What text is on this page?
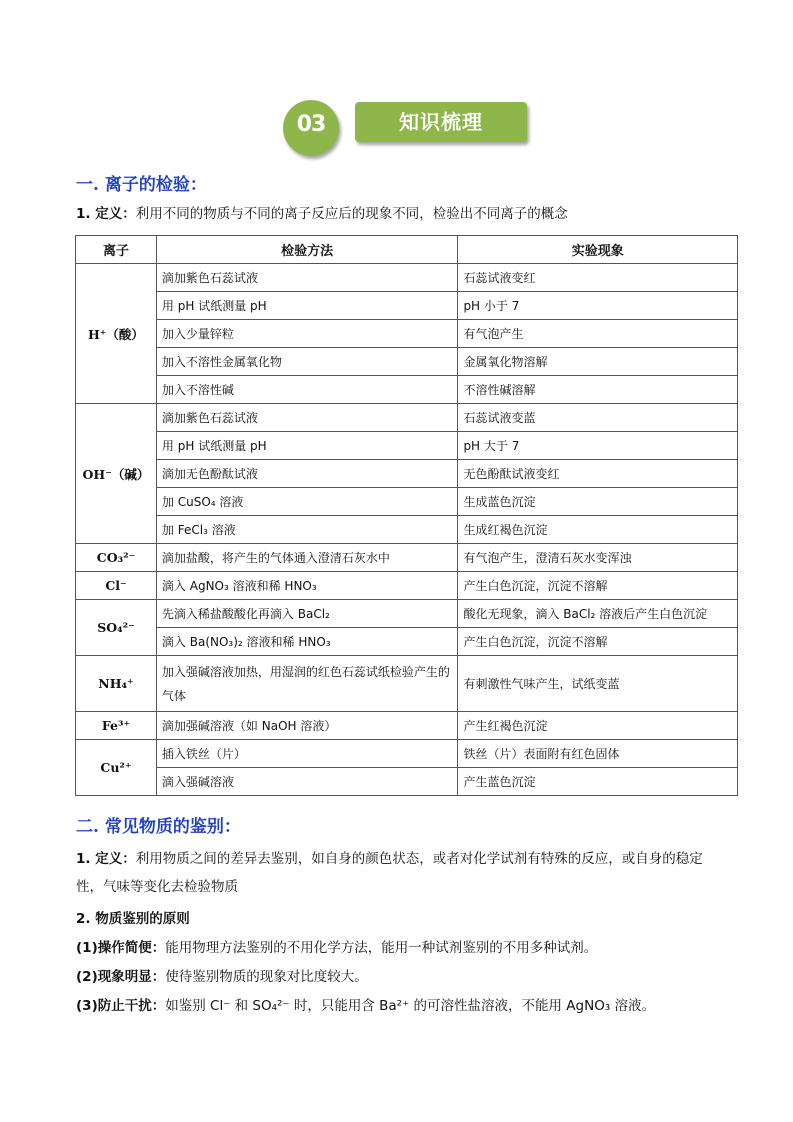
03	知识梳理
一. 离子的检验：
1. 定义：利用不同的物质与不同的离子反应后的现象不同，检验出不同离子的概念
离子	检验方法	实验现象
H⁺（酸）	滴加紫色石蕊试液	石蕊试液变红
	用 pH 试纸测量 pH	pH 小于 7
	加入少量锌粒	有气泡产生
	加入不溶性金属氧化物	金属氧化物溶解
	加入不溶性碱	不溶性碱溶解
OH⁻（碱）	滴加紫色石蕊试液	石蕊试液变蓝
	用 pH 试纸测量 pH	pH 大于 7
	滴加无色酚酞试液	无色酚酞试液变红
	加 CuSO₄ 溶液	生成蓝色沉淀
	加 FeCl₃ 溶液	生成红褐色沉淀
CO₃²⁻	滴加盐酸，将产生的气体通入澄清石灰水中	有气泡产生，澄清石灰水变浑浊
Cl⁻	滴入 AgNO₃ 溶液和稀 HNO₃	产生白色沉淀，沉淀不溶解
SO₄²⁻	先滴入稀盐酸酸化再滴入 BaCl₂	酸化无现象，滴入 BaCl₂ 溶液后产生白色沉淀
	滴入 Ba(NO₃)₂ 溶液和稀 HNO₃	产生白色沉淀，沉淀不溶解
NH₄⁺	加入强碱溶液加热，用湿润的红色石蕊试纸检验产生的气体	有刺激性气味产生，试纸变蓝
Fe³⁺	滴加强碱溶液（如 NaOH 溶液）	产生红褐色沉淀
Cu²⁺	插入铁丝（片）	铁丝（片）表面附有红色固体
	滴入强碱溶液	产生蓝色沉淀
二. 常见物质的鉴别：
1. 定义：利用物质之间的差异去鉴别，如自身的颜色状态，或者对化学试剂有特殊的反应，或自身的稳定性，气味等变化去检验物质
2. 物质鉴别的原则
(1)操作简便：能用物理方法鉴别的不用化学方法，能用一种试剂鉴别的不用多种试剂。
(2)现象明显：使待鉴别物质的现象对比度较大。
(3)防止干扰：如鉴别 Cl⁻ 和 SO₄²⁻ 时，只能用含 Ba²⁺ 的可溶性盐溶液，不能用 AgNO₃ 溶液。
